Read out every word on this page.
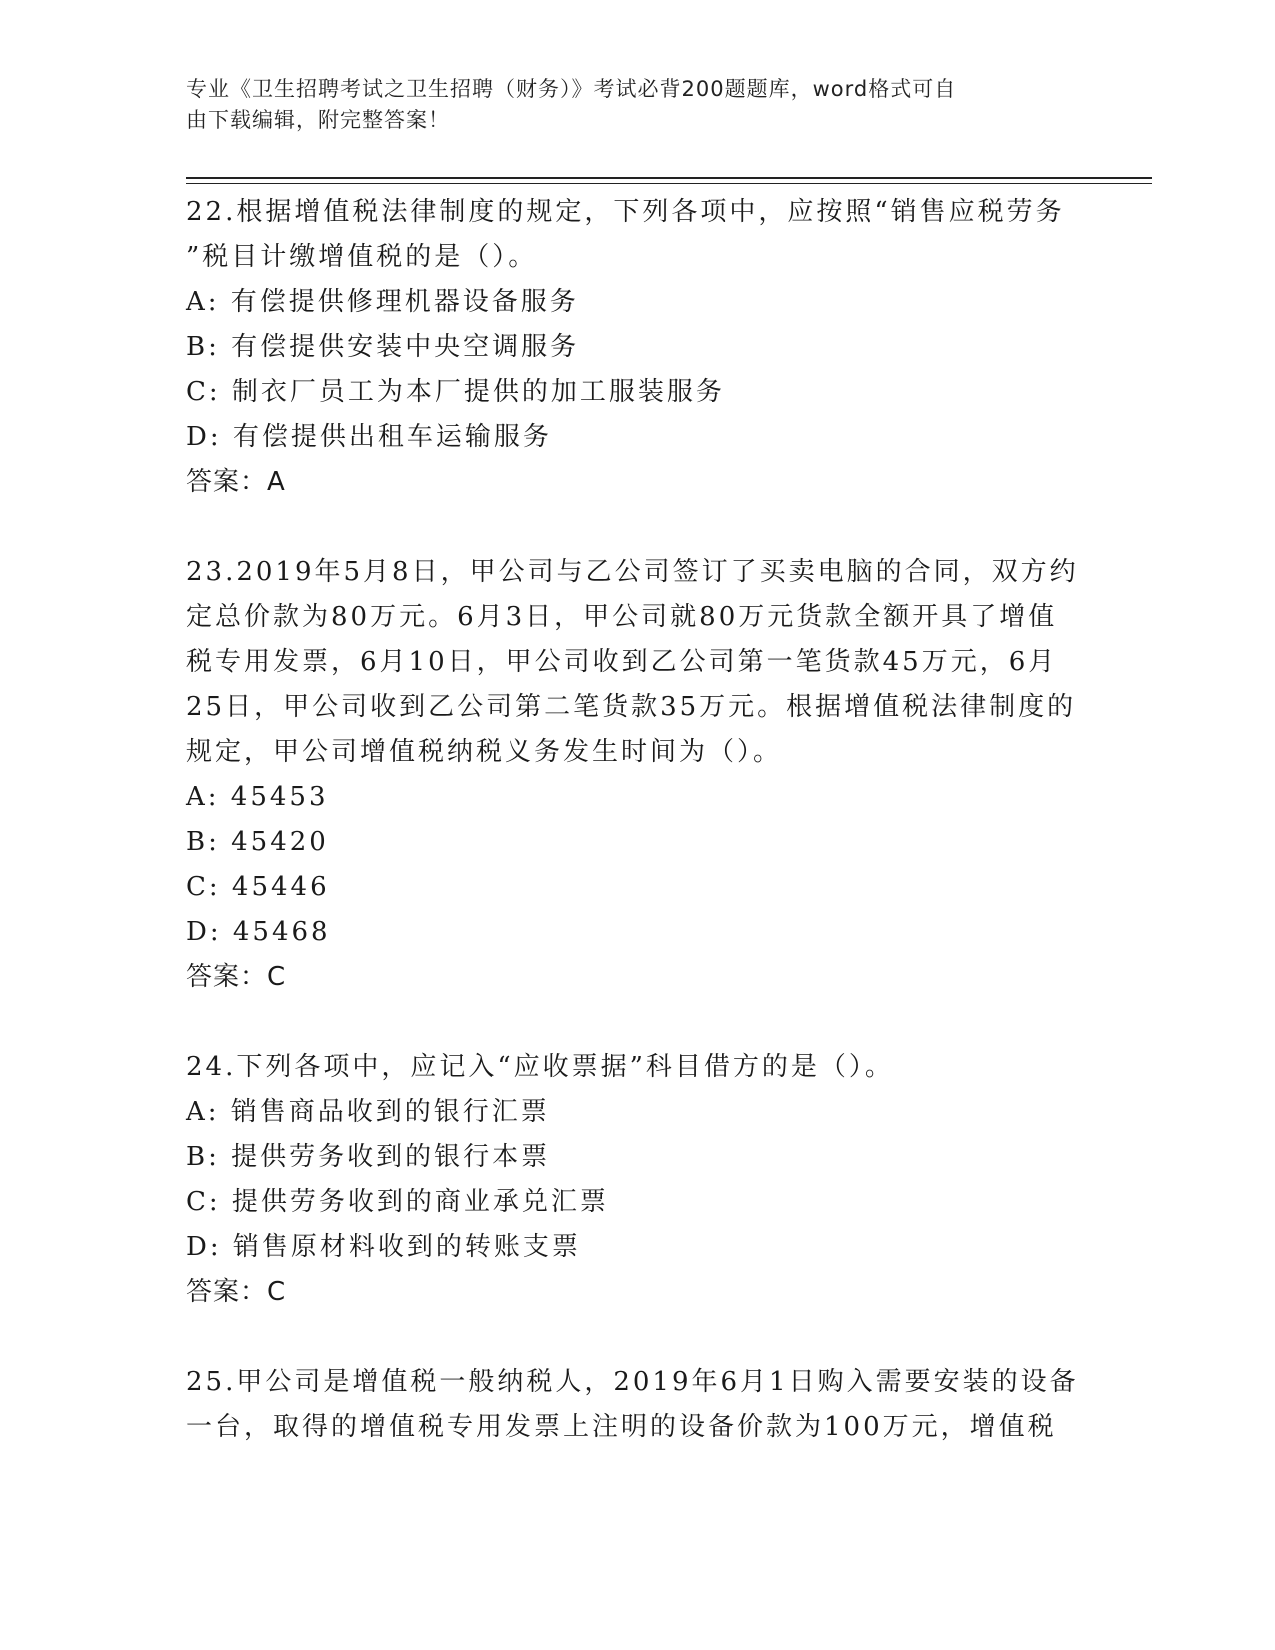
专业《卫生招聘考试之卫生招聘（财务）》考试必背200题题库，word格式可自
由下载编辑，附完整答案！

22.根据增值税法律制度的规定，下列各项中，应按照“销售应税劳务

”税目计缴增值税的是（）。

A: 有偿提供修理机器设备服务

B: 有偿提供安装中央空调服务

C: 制衣厂员工为本厂提供的加工服装服务

D: 有偿提供出租车运输服务

答案：A

23.2019年5月8日，甲公司与乙公司签订了买卖电脑的合同，双方约

定总价款为80万元。6月3日，甲公司就80万元货款全额开具了增值

税专用发票，6月10日，甲公司收到乙公司第一笔货款45万元，6月

25日，甲公司收到乙公司第二笔货款35万元。根据增值税法律制度的

规定，甲公司增值税纳税义务发生时间为（）。

A: 45453

B: 45420

C: 45446

D: 45468

答案：C

24.下列各项中，应记入“应收票据”科目借方的是（）。

A: 销售商品收到的银行汇票

B: 提供劳务收到的银行本票

C: 提供劳务收到的商业承兑汇票

D: 销售原材料收到的转账支票

答案：C

25.甲公司是增值税一般纳税人，2019年6月1日购入需要安装的设备

一台，取得的增值税专用发票上注明的设备价款为100万元，增值税
